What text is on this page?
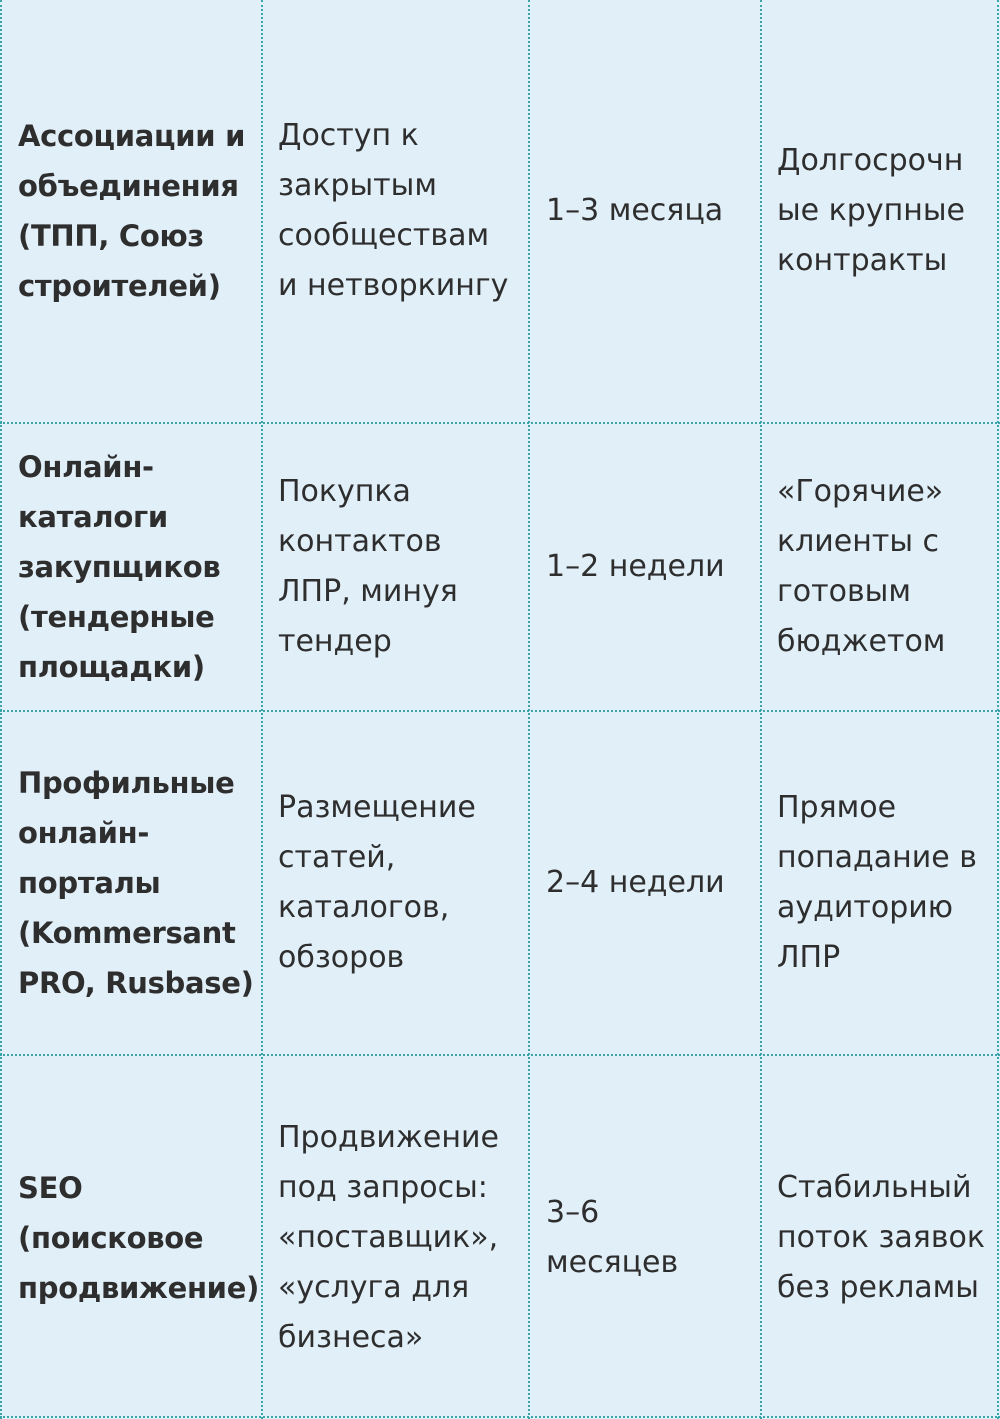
Ассоциации и
объединения
(ТПП, Союз
строителей)
Доступ к
закрытым
сообществам
и нетворкингу
1–3 месяца
Долгосрочн
ые крупные
контракты
Онлайн-
каталоги
закупщиков
(тендерные
площадки)
Покупка
контактов
ЛПР, минуя
тендер
1–2 недели
«Горячие»
клиенты с
готовым
бюджетом
Профильные
онлайн-
порталы
(Kommersant
PRO, Rusbase)
Размещение
статей,
каталогов,
обзоров
2–4 недели
Прямое
попадание в
аудиторию
ЛПР
SEO
(поисковое
продвижение)
Продвижение
под запросы:
«поставщик»,
«услуга для
бизнеса»
3–6
месяцев
Стабильный
поток заявок
без рекламы
